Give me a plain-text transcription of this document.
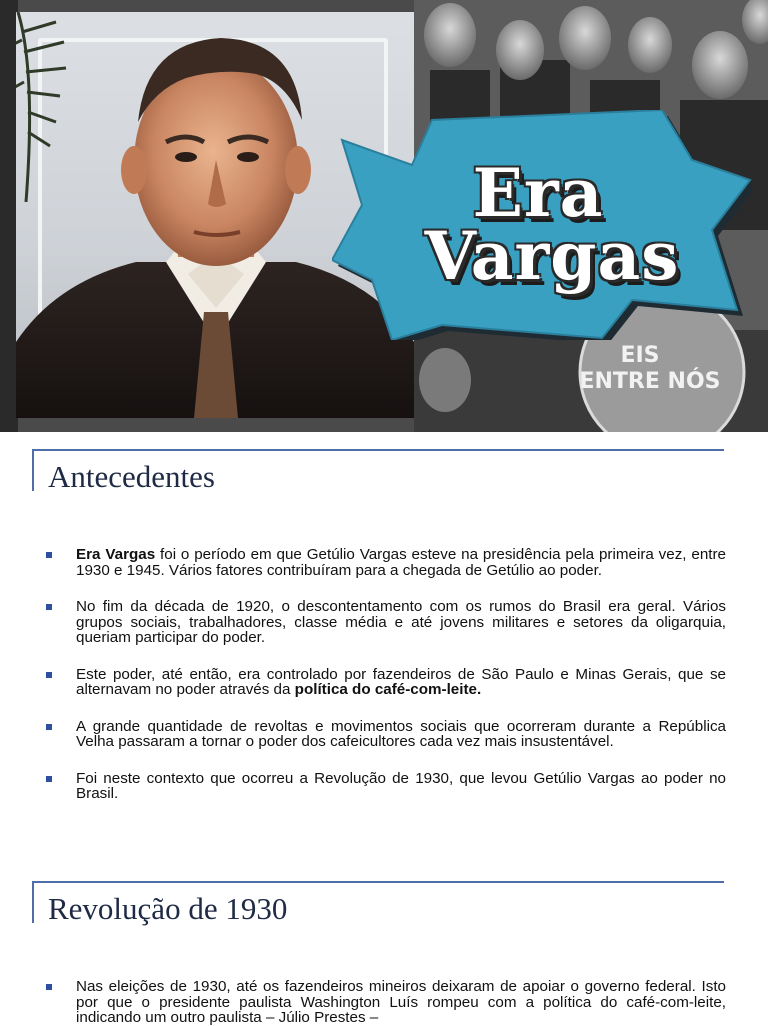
EIS
ENTRE NÓS
Era
Vargas
Antecedentes
Era Vargas foi o período em que Getúlio Vargas esteve na presidência pela primeira vez, entre 1930 e 1945. Vários fatores contribuíram para a chegada de Getúlio ao poder.
No fim da década de 1920, o descontentamento com os rumos do Brasil era geral. Vários grupos sociais, trabalhadores, classe média e até jovens militares e setores da oligarquia, queriam participar do poder.
Este poder, até então, era controlado por fazendeiros de São Paulo e Minas Gerais, que se alternavam no poder através da política do café-com-leite.
A grande quantidade de revoltas e movimentos sociais que ocorreram durante a República Velha passaram a tornar o poder dos cafeicultores cada vez mais insustentável.
Foi neste contexto que ocorreu a Revolução de 1930, que levou Getúlio Vargas ao poder no Brasil.
Revolução de 1930
Nas eleições de 1930, até os fazendeiros mineiros deixaram de apoiar o governo federal. Isto por que o presidente paulista Washington Luís rompeu com a política do café-com-leite, indicando um outro paulista – Júlio Prestes –
